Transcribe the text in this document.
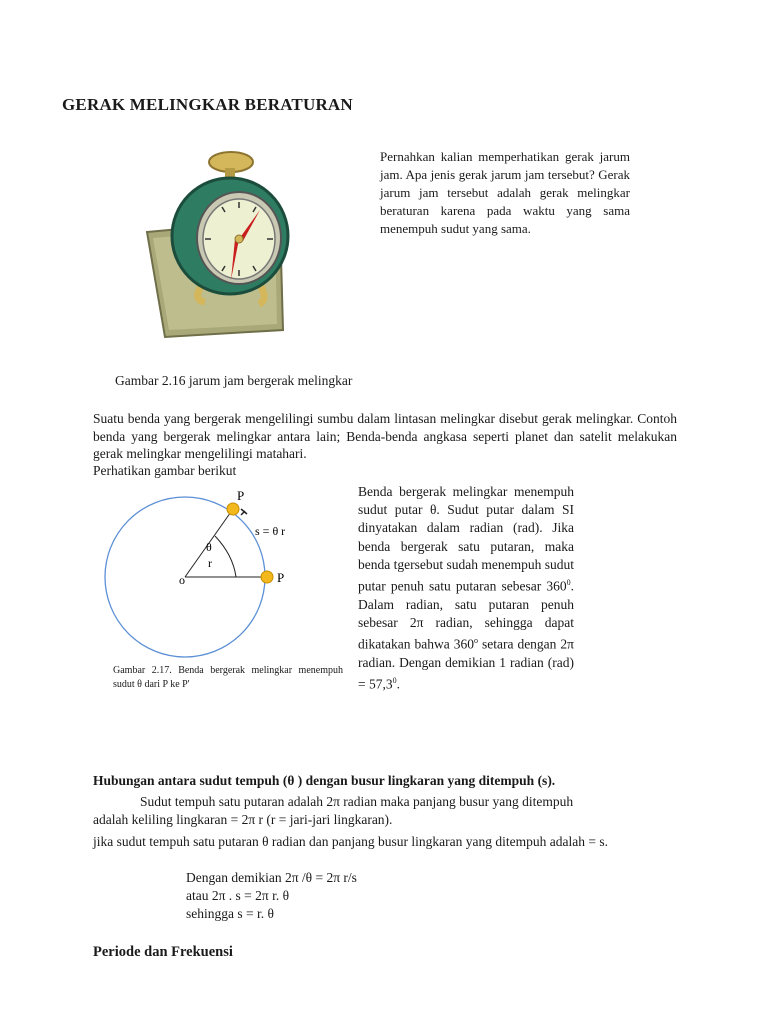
GERAK MELINGKAR BERATURAN
Pernahkan kalian memperhatikan gerak jarum jam. Apa jenis gerak jarum jam tersebut? Gerak jarum jam tersebut adalah gerak melingkar beraturan karena pada waktu yang sama menempuh sudut yang sama.
Gambar 2.16 jarum jam bergerak melingkar
Suatu benda yang bergerak mengelilingi sumbu dalam lintasan melingkar disebut gerak melingkar. Contoh benda yang bergerak melingkar antara lain; Benda-benda angkasa seperti planet dan satelit melakukan gerak melingkar mengelilingi matahari.
Perhatikan gambar berikut
P
P
s = θ r
θ
r
o
Benda bergerak melingkar menempuh sudut putar θ. Sudut putar dalam SI dinyatakan dalam radian (rad). Jika benda bergerak satu putaran, maka benda tgersebut sudah menempuh sudut putar penuh satu putaran sebesar $360^0$. Dalam radian, satu putaran penuh sebesar 2π radian, sehingga dapat dikatakan bahwa 360$^o$ setara dengan 2π radian. Dengan demikian 1 radian $(rad) = 57,3^0$.
Gambar 2.17. Benda bergerak melingkar menempuh sudut θ dari P ke P'
Hubungan antara sudut tempuh (θ ) dengan busur lingkaran yang ditempuh (s).
Sudut tempuh satu putaran adalah 2π radian maka panjang busur yang ditempuh
adalah keliling lingkaran = 2π r (r = jari-jari lingkaran).
jika sudut tempuh satu putaran θ radian dan panjang busur lingkaran yang ditempuh adalah = s.
Dengan demikian 2π /θ = 2π r/s
atau 2π . s = 2π r. θ
sehingga s = r. θ
Periode dan Frekuensi
